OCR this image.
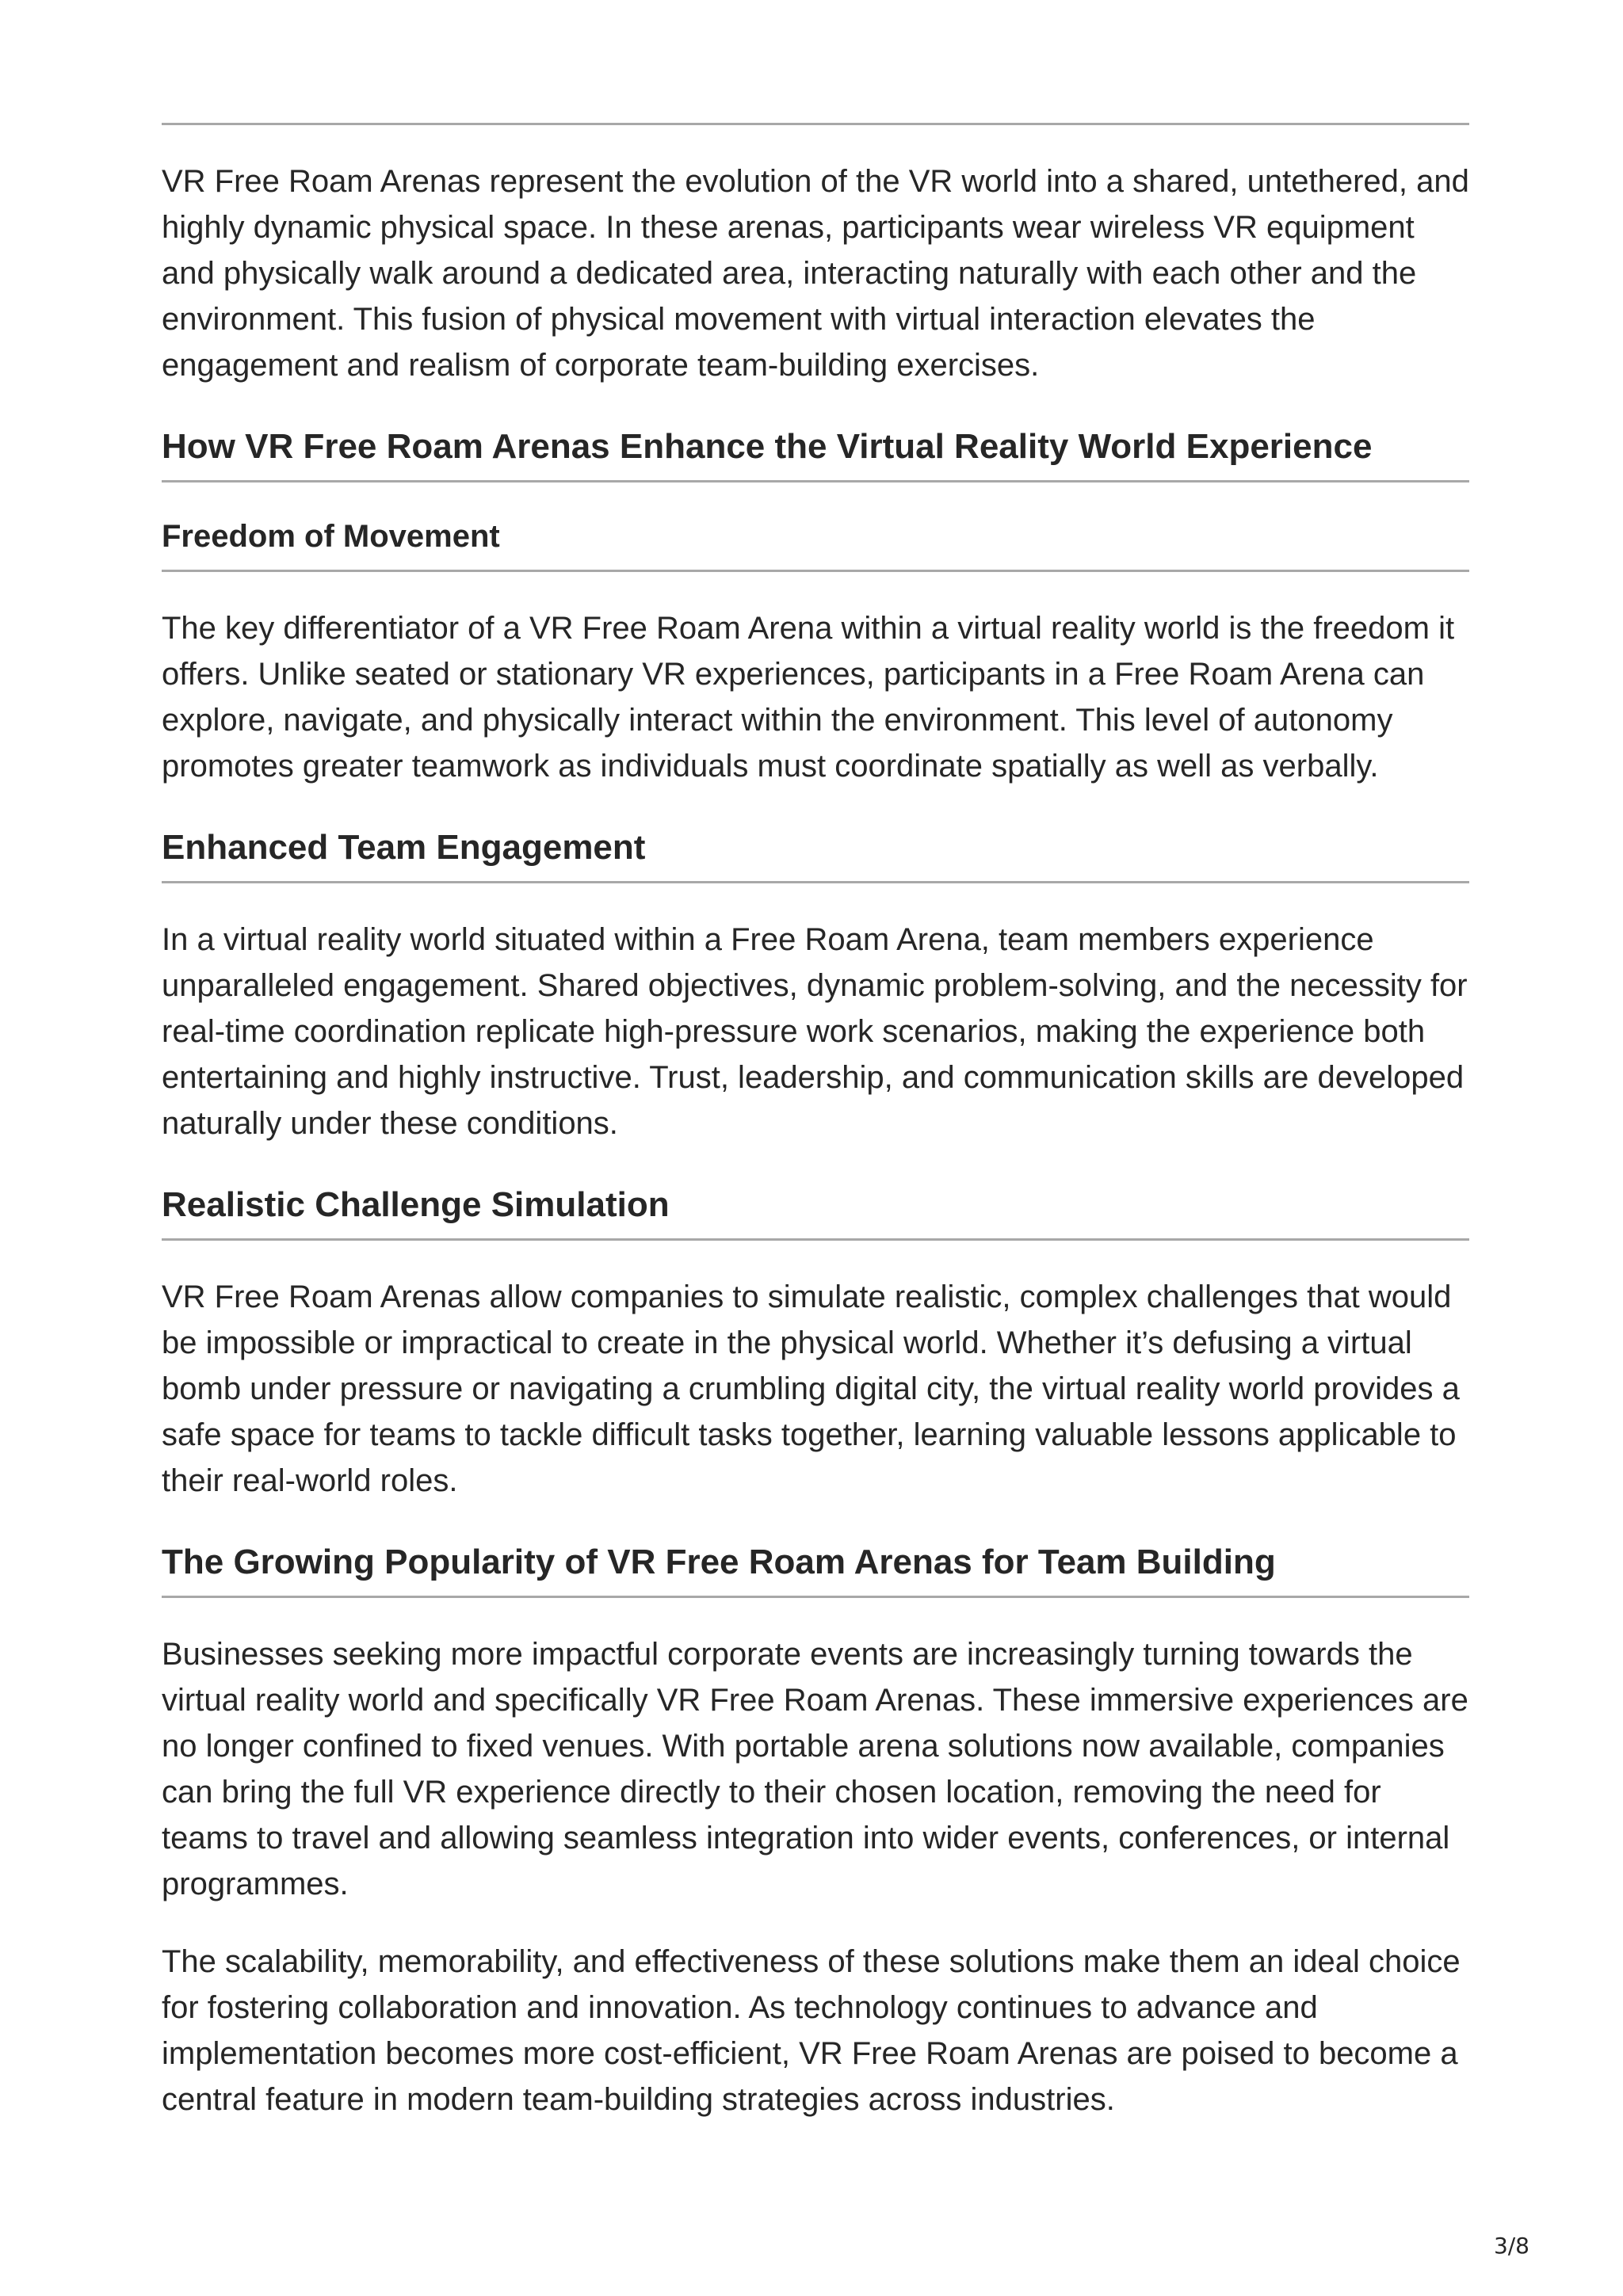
VR Free Roam Arenas represent the evolution of the VR world into a shared, untethered, and highly dynamic physical space. In these arenas, participants wear wireless VR equipment and physically walk around a dedicated area, interacting naturally with each other and the environment. This fusion of physical movement with virtual interaction elevates the engagement and realism of corporate team-building exercises.

How VR Free Roam Arenas Enhance the Virtual Reality World Experience
Freedom of Movement

The key differentiator of a VR Free Roam Arena within a virtual reality world is the freedom it offers. Unlike seated or stationary VR experiences, participants in a Free Roam Arena can explore, navigate, and physically interact within the environment. This level of autonomy promotes greater teamwork as individuals must coordinate spatially as well as verbally.

Enhanced Team Engagement

In a virtual reality world situated within a Free Roam Arena, team members experience unparalleled engagement. Shared objectives, dynamic problem-solving, and the necessity for real-time coordination replicate high-pressure work scenarios, making the experience both entertaining and highly instructive. Trust, leadership, and communication skills are developed naturally under these conditions.

Realistic Challenge Simulation

VR Free Roam Arenas allow companies to simulate realistic, complex challenges that would be impossible or impractical to create in the physical world. Whether it’s defusing a virtual bomb under pressure or navigating a crumbling digital city, the virtual reality world provides a safe space for teams to tackle difficult tasks together, learning valuable lessons applicable to their real-world roles.

The Growing Popularity of VR Free Roam Arenas for Team Building

Businesses seeking more impactful corporate events are increasingly turning towards the virtual reality world and specifically VR Free Roam Arenas. These immersive experiences are no longer confined to fixed venues. With portable arena solutions now available, companies can bring the full VR experience directly to their chosen location, removing the need for teams to travel and allowing seamless integration into wider events, conferences, or internal programmes.

The scalability, memorability, and effectiveness of these solutions make them an ideal choice for fostering collaboration and innovation. As technology continues to advance and implementation becomes more cost-efficient, VR Free Roam Arenas are poised to become a central feature in modern team-building strategies across industries.

3/8
